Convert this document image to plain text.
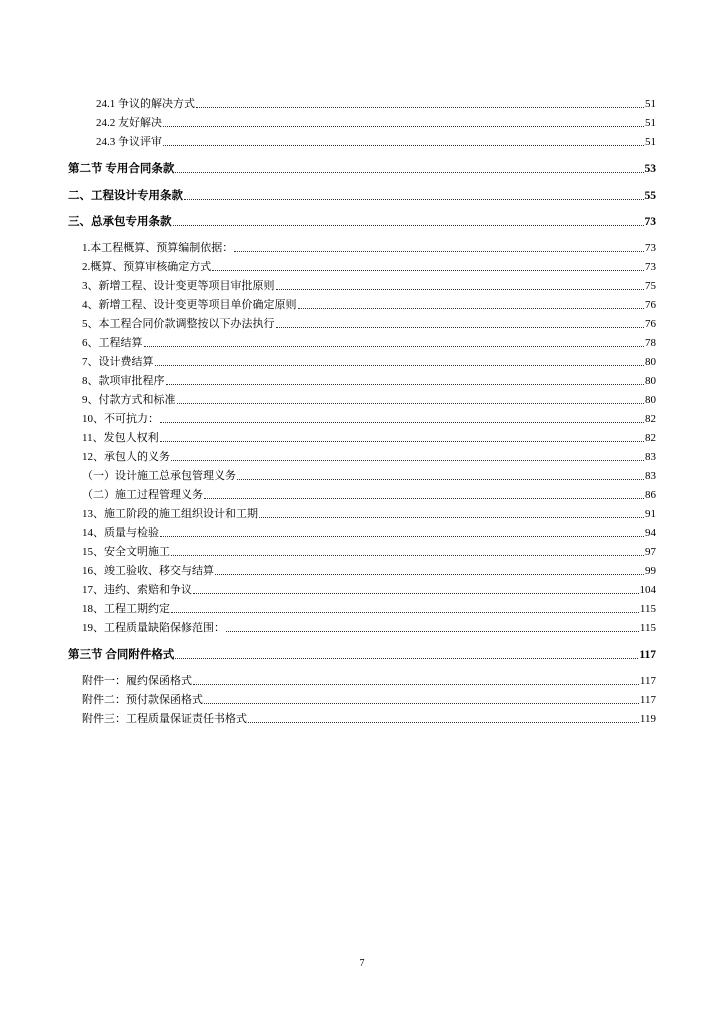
24.1 争议的解决方式	51
24.2 友好解决	51
24.3 争议评审	51
第二节 专用合同条款	53
二、工程设计专用条款	55
三、总承包专用条款	73
1.本工程概算、预算编制依据：	73
2.概算、预算审核确定方式	73
3、新增工程、设计变更等项目审批原则	75
4、新增工程、设计变更等项目单价确定原则	76
5、本工程合同价款调整按以下办法执行	76
6、工程结算	78
7、设计费结算	80
8、款项审批程序	80
9、付款方式和标准	80
10、不可抗力：	82
11、发包人权利	82
12、承包人的义务	83
（一）设计施工总承包管理义务	83
（二）施工过程管理义务	86
13、施工阶段的施工组织设计和工期	91
14、质量与检验	94
15、安全文明施工	97
16、竣工验收、移交与结算	99
17、违约、索赔和争议	104
18、工程工期约定	115
19、工程质量缺陷保修范围：	115
第三节 合同附件格式	117
附件一：履约保函格式	117
附件二：预付款保函格式	117
附件三：工程质量保证责任书格式	119
7
